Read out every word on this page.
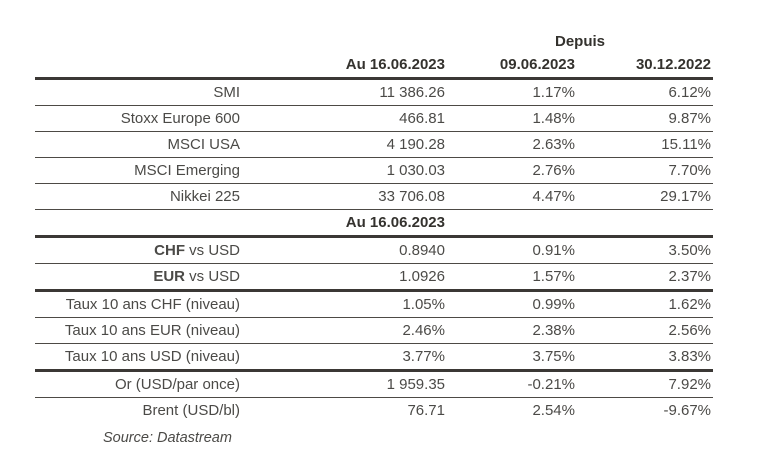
		Depuis	
	Au 16.06.2023	09.06.2023	30.12.2022
SMI	11 386.26	1.17%	6.12%
Stoxx Europe 600	466.81	1.48%	9.87%
MSCI USA	4 190.28	2.63%	15.11%
MSCI Emerging	1 030.03	2.76%	7.70%
Nikkei 225	33 706.08	4.47%	29.17%
	Au 16.06.2023		
CHF vs USD	0.8940	0.91%	3.50%
EUR vs USD	1.0926	1.57%	2.37%
Taux 10 ans CHF (niveau)	1.05%	0.99%	1.62%
Taux 10 ans EUR (niveau)	2.46%	2.38%	2.56%
Taux 10 ans USD (niveau)	3.77%	3.75%	3.83%
Or (USD/par once)	1 959.35	-0.21%	7.92%
Brent (USD/bl)	76.71	2.54%	-9.67%
Source: Datastream
